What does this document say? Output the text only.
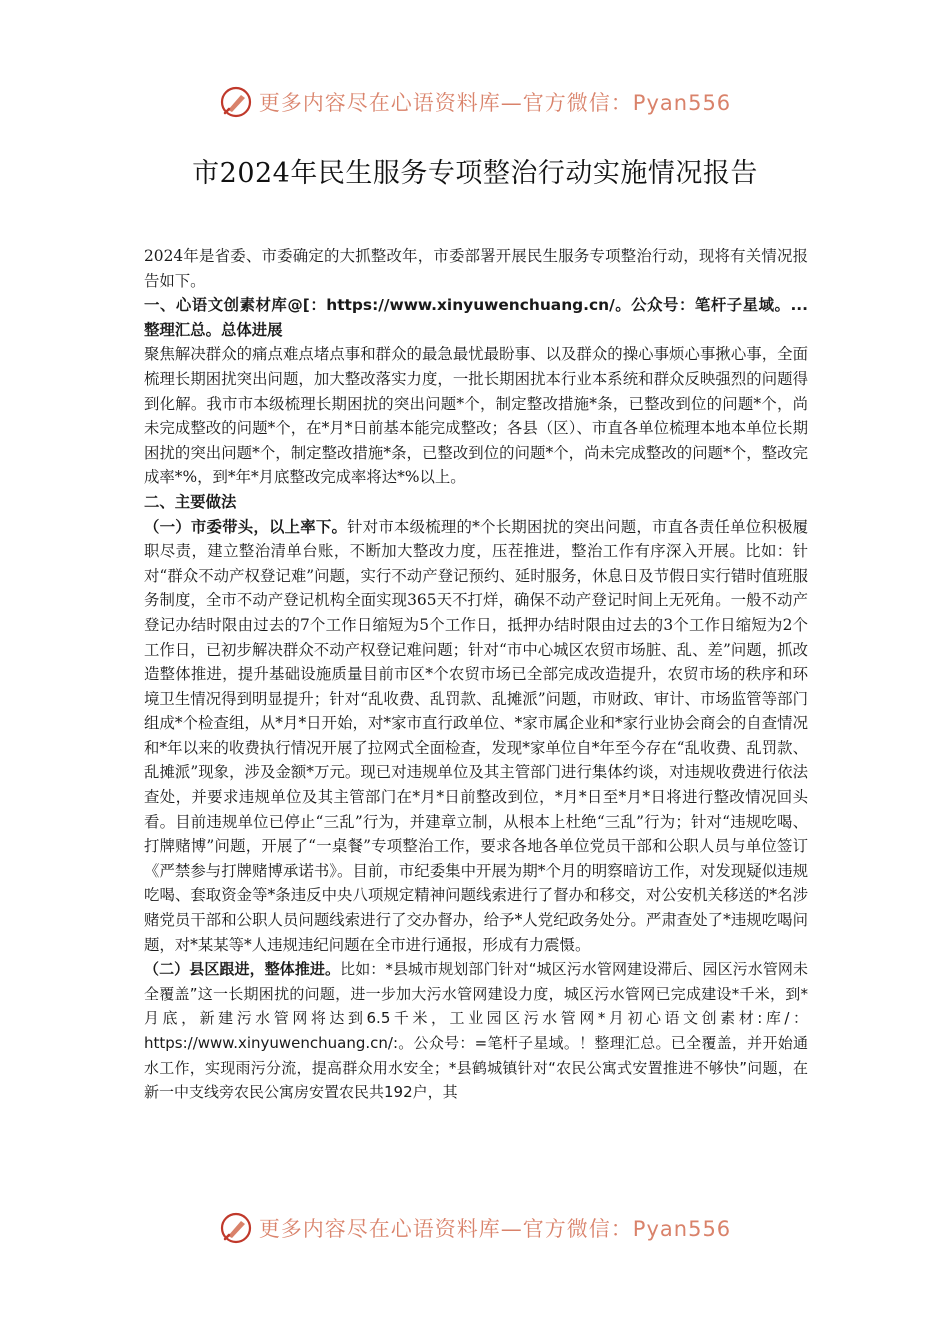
更多内容尽在心语资料库—官方微信：Pyan556
市2024年民生服务专项整治行动实施情况报告

2024年是省委、市委确定的大抓整改年，市委部署开展民生服务专项整治行动，现将有关情况报告如下。

一、心语文创素材库@[：https://www.xinyuwenchuang.cn/。公众号：笔杆子星域。...整理汇总。总体进展

聚焦解决群众的痛点难点堵点事和群众的最急最忧最盼事、以及群众的操心事烦心事揪心事，全面梳理长期困扰突出问题，加大整改落实力度，一批长期困扰本行业本系统和群众反映强烈的问题得到化解。我市市本级梳理长期困扰的突出问题*个，制定整改措施*条，已整改到位的问题*个，尚未完成整改的问题*个，在*月*日前基本能完成整改；各县（区）、市直各单位梳理本地本单位长期困扰的突出问题*个，制定整改措施*条，已整改到位的问题*个，尚未完成整改的问题*个，整改完成率*%，到*年*月底整改完成率将达*%以上。

二、主要做法

（一）市委带头，以上率下。针对市本级梳理的*个长期困扰的突出问题，市直各责任单位积极履职尽责，建立整治清单台账，不断加大整改力度，压茬推进，整治工作有序深入开展。比如：针对“群众不动产权登记难”问题，实行不动产登记预约、延时服务，休息日及节假日实行错时值班服务制度，全市不动产登记机构全面实现365天不打烊，确保不动产登记时间上无死角。一般不动产登记办结时限由过去的7个工作日缩短为5个工作日，抵押办结时限由过去的3个工作日缩短为2个工作日，已初步解决群众不动产权登记难问题；针对“市中心城区农贸市场脏、乱、差”问题，抓改造整体推进，提升基础设施质量目前市区*个农贸市场已全部完成改造提升，农贸市场的秩序和环境卫生情况得到明显提升；针对“乱收费、乱罚款、乱摊派”问题，市财政、审计、市场监管等部门组成*个检查组，从*月*日开始，对*家市直行政单位、*家市属企业和*家行业协会商会的自查情况和*年以来的收费执行情况开展了拉网式全面检查，发现*家单位自*年至今存在“乱收费、乱罚款、乱摊派”现象，涉及金额*万元。现已对违规单位及其主管部门进行集体约谈，对违规收费进行依法查处，并要求违规单位及其主管部门在*月*日前整改到位，*月*日至*月*日将进行整改情况回头看。目前违规单位已停止“三乱”行为，并建章立制，从根本上杜绝“三乱”行为；针对“违规吃喝、打牌赌博”问题，开展了“一桌餐”专项整治工作，要求各地各单位党员干部和公职人员与单位签订《严禁参与打牌赌博承诺书》。目前，市纪委集中开展为期*个月的明察暗访工作，对发现疑似违规吃喝、套取资金等*条违反中央八项规定精神问题线索进行了督办和移交，对公安机关移送的*名涉赌党员干部和公职人员问题线索进行了交办督办，给予*人党纪政务处分。严肃查处了*违规吃喝问题，对*某某等*人违规违纪问题在全市进行通报，形成有力震慑。

（二）县区跟进，整体推进。比如：*县城市规划部门针对“城区污水管网建设滞后、园区污水管网未全覆盖”这一长期困扰的问题，进一步加大污水管网建设力度，城区污水管网已完成建设*千米，到*月底，新建污水管网将达到6.5千米，工业园区污水管网*月初心语文创素材:库/：https://www.xinyuwenchuang.cn/:。公众号：=笔杆子星域。！整理汇总。已全覆盖，并开始通水工作，实现雨污分流，提高群众用水安全；*县鹤城镇针对“农民公寓式安置推进不够快”问题，在新一中支线旁农民公寓房安置农民共192户，其

更多内容尽在心语资料库—官方微信：Pyan556
